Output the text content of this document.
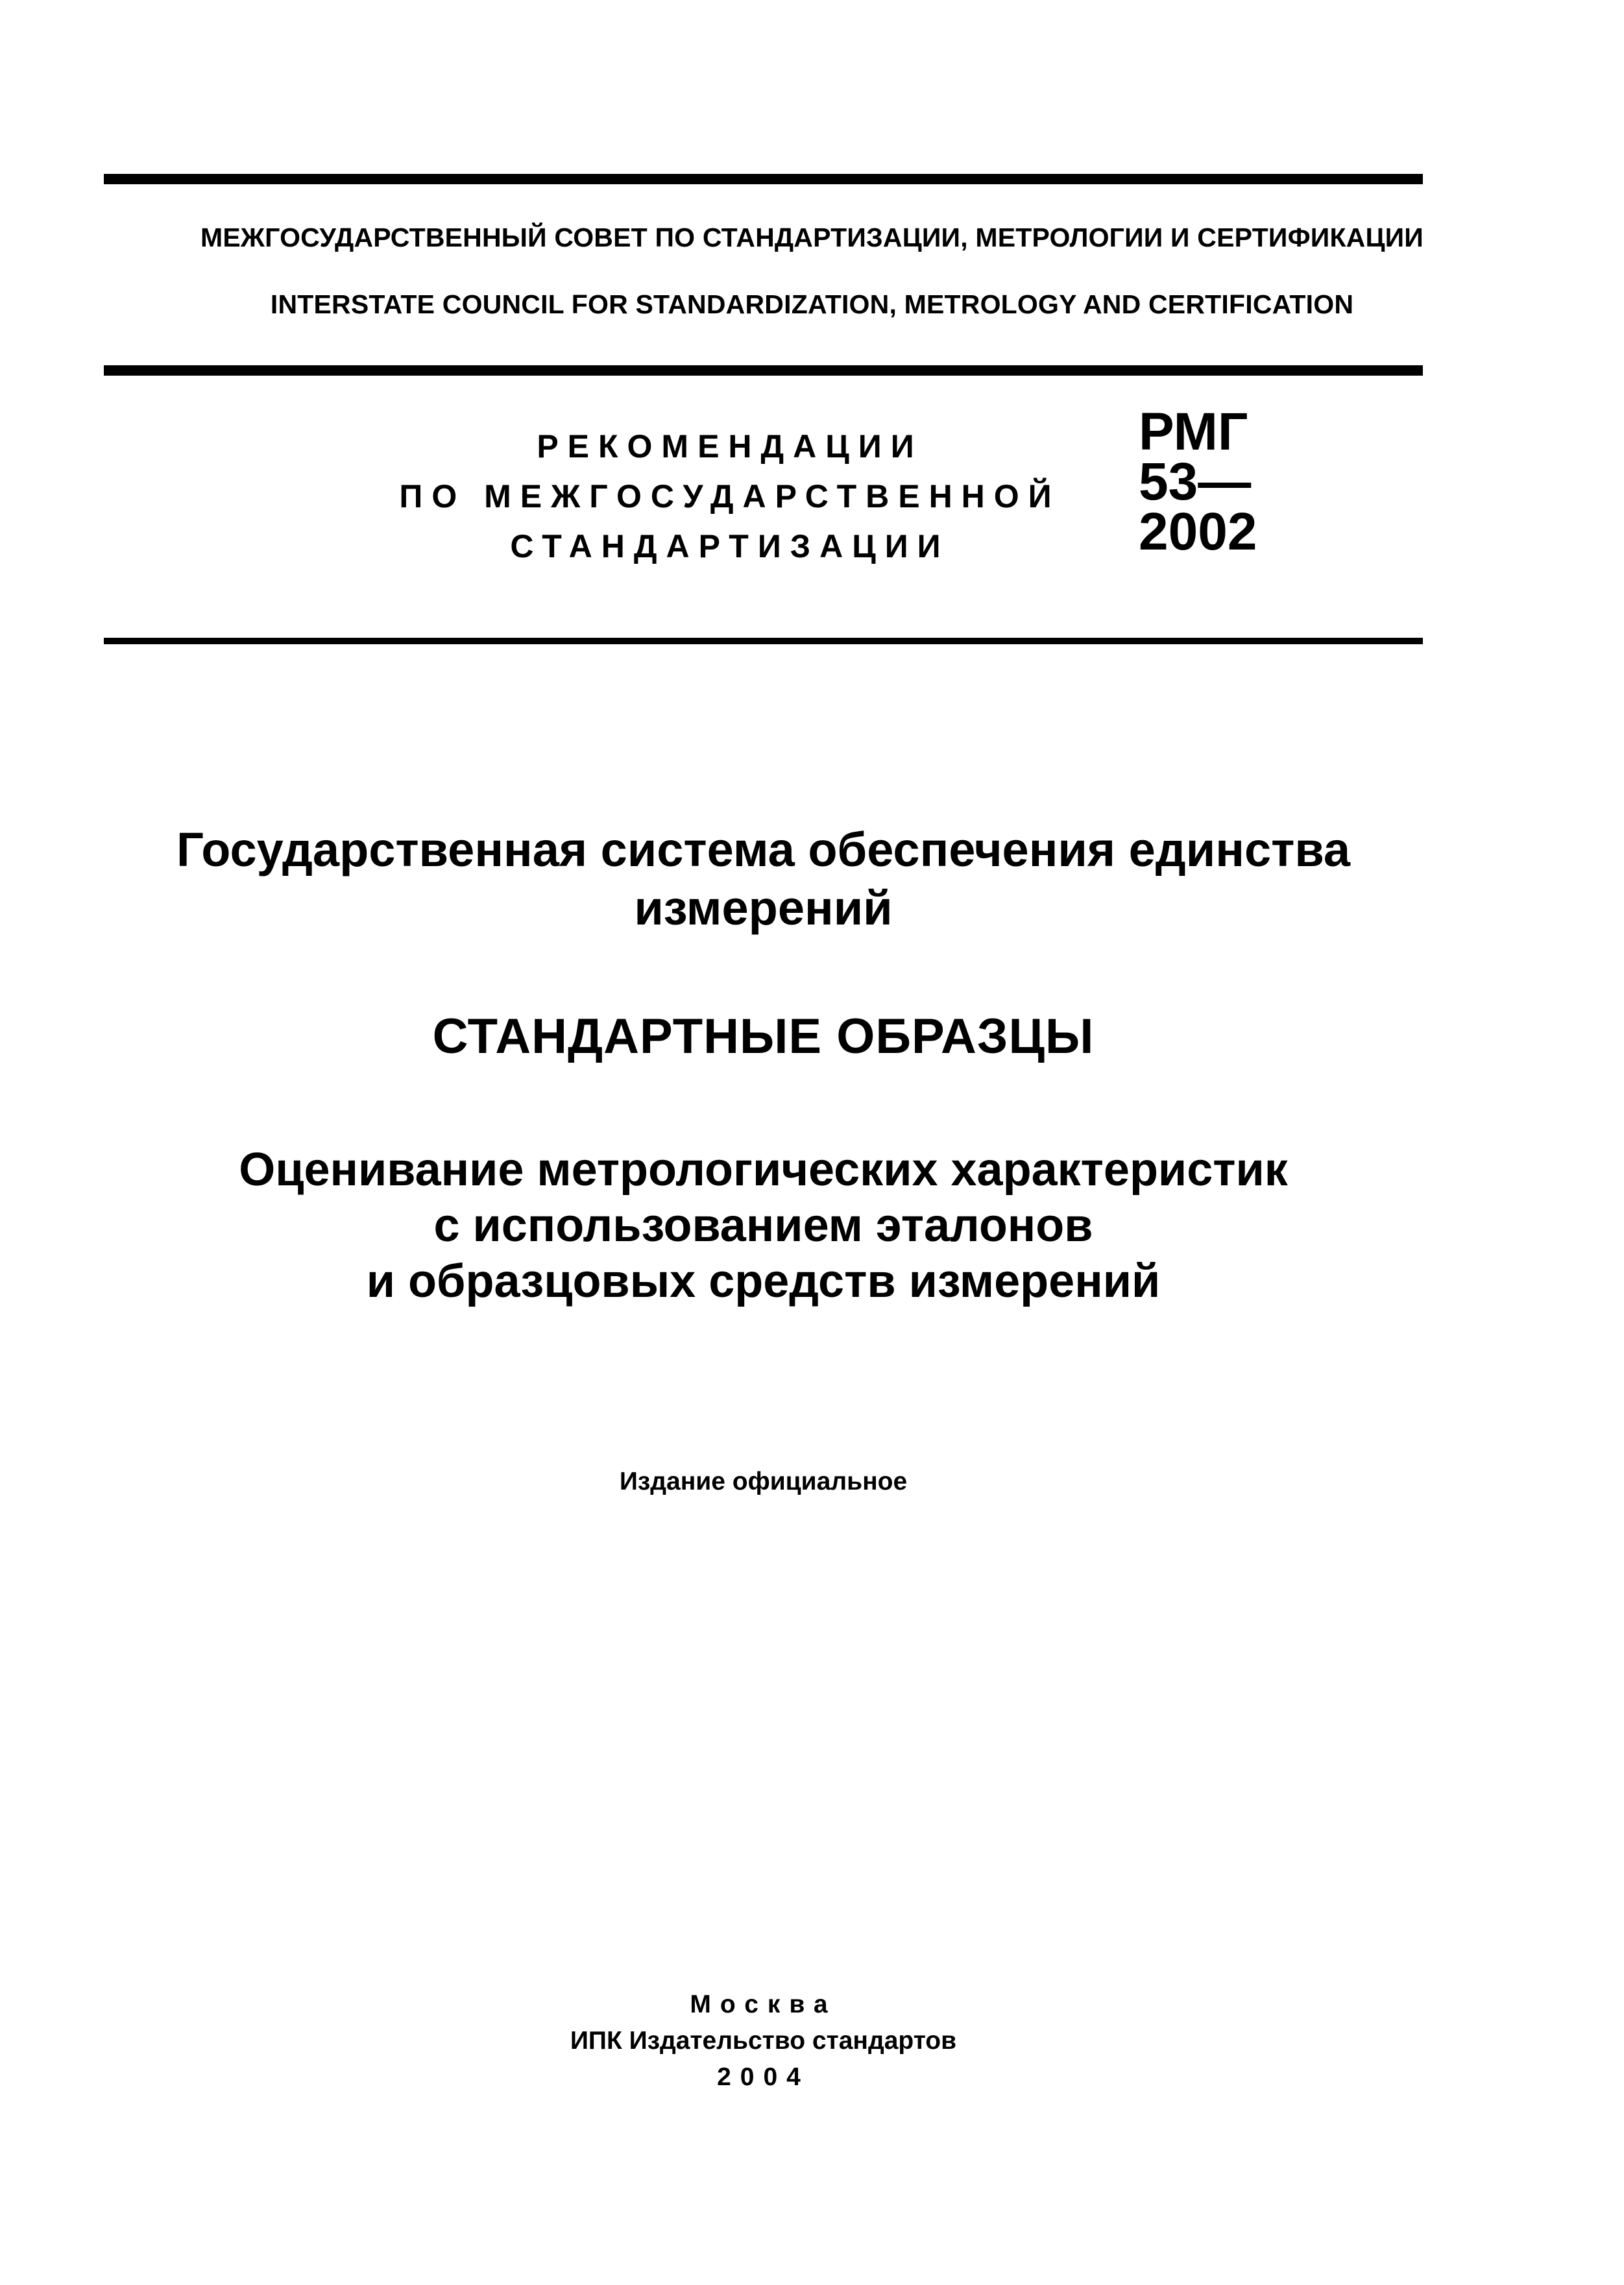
МЕЖГОСУДАРСТВЕННЫЙ СОВЕТ ПО СТАНДАРТИЗАЦИИ, МЕТРОЛОГИИ И СЕРТИФИКАЦИИ
INTERSTATE COUNCIL FOR STANDARDIZATION, METROLOGY AND CERTIFICATION
РЕКОМЕНДАЦИИ
ПО МЕЖГОСУДАРСТВЕННОЙ
СТАНДАРТИЗАЦИИ
РМГ
53—
2002
Государственная система обеспечения единства
измерений
СТАНДАРТНЫЕ ОБРАЗЦЫ
Оценивание метрологических характеристик
с использованием эталонов
и образцовых средств измерений
Издание официальное
Москва
ИПК Издательство стандартов
2004
